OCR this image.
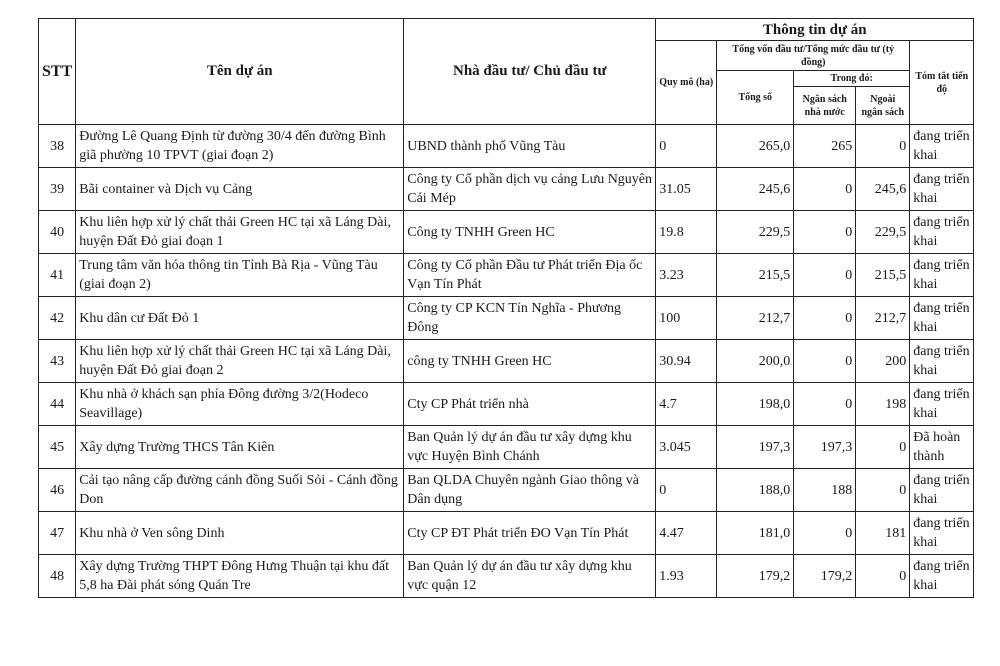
STT	Tên dự án	Nhà đầu tư/ Chủ đầu tư	Thông tin dự án				
			Quy mô (ha)	Tổng vốn đầu tư/Tổng mức đầu tư (tỷ đồng)			Tóm tắt tiến độ
				Tổng số	Trong đó:		
					Ngân sách nhà nước	Ngoài ngân sách	
38	Đường Lê Quang Định từ đường 30/4 đến đường Bình giã phường 10 TPVT (giai đoạn 2)	UBND thành phố Vũng Tàu	0	265,0	265	0	đang triển khai
39	Bãi container và Dịch vụ Cảng	Công ty Cổ phần dịch vụ cảng Lưu Nguyên Cái Mép	31.05	245,6	0	245,6	đang triển khai
40	Khu liên hợp xử lý chất thải Green HC tại xã Láng Dài, huyện Đất Đỏ giai đoạn 1	Công ty TNHH Green HC	19.8	229,5	0	229,5	đang triển khai
41	Trung tâm văn hóa thông tin Tỉnh Bà Rịa - Vũng Tàu (giai đoạn 2)	Công ty Cổ phần Đầu tư Phát triển Địa ốc Vạn Tín Phát	3.23	215,5	0	215,5	đang triển khai
42	Khu dân cư Đất Đỏ 1	Công ty CP KCN Tín Nghĩa - Phương Đông	100	212,7	0	212,7	đang triển khai
43	Khu liên hợp xử lý chất thải Green HC tại xã Láng Dài, huyện Đất Đỏ giai đoạn 2	công ty TNHH Green HC	30.94	200,0	0	200	đang triển khai
44	Khu nhà ở khách sạn phía Đông đường 3/2(Hodeco Seavillage)	Cty CP Phát triển nhà	4.7	198,0	0	198	đang triển khai
45	Xây dựng Trường THCS Tân Kiên	Ban Quản lý dự án đầu tư xây dựng khu vực Huyện Bình Chánh	3.045	197,3	197,3	0	Đã hoàn thành
46	Cải tạo nâng cấp đường cánh đồng Suối Sỏi - Cánh đồng Don	Ban QLDA Chuyên ngành Giao thông và Dân dụng	0	188,0	188	0	đang triển khai
47	Khu nhà ở Ven sông Dinh	Cty CP ĐT Phát triển ĐO Vạn Tín Phát	4.47	181,0	0	181	đang triển khai
48	Xây dựng Trường THPT Đông Hưng Thuận tại khu đất 5,8 ha Đài phát sóng Quán Tre	Ban Quản lý dự án đầu tư xây dựng khu vực quận 12	1.93	179,2	179,2	0	đang triển khai
